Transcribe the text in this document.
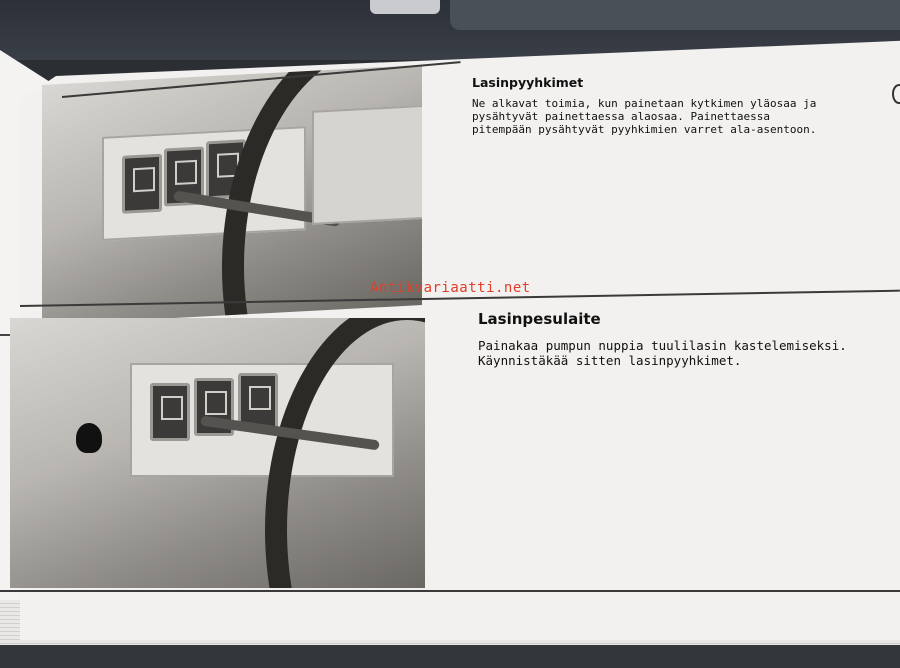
Lasinpyyhkimet
Ne alkavat toimia, kun painetaan kytkimen yläosaa ja
pysähtyvät painettaessa alaosaa. Painettaessa
pitempään pysähtyvät pyyhkimien varret ala-asentoon.
Lasinpesulaite
Painakaa pumpun nuppia tuulilasin kastelemiseksi.
Käynnistäkää sitten lasinpyyhkimet.
Antikvariaatti.net
